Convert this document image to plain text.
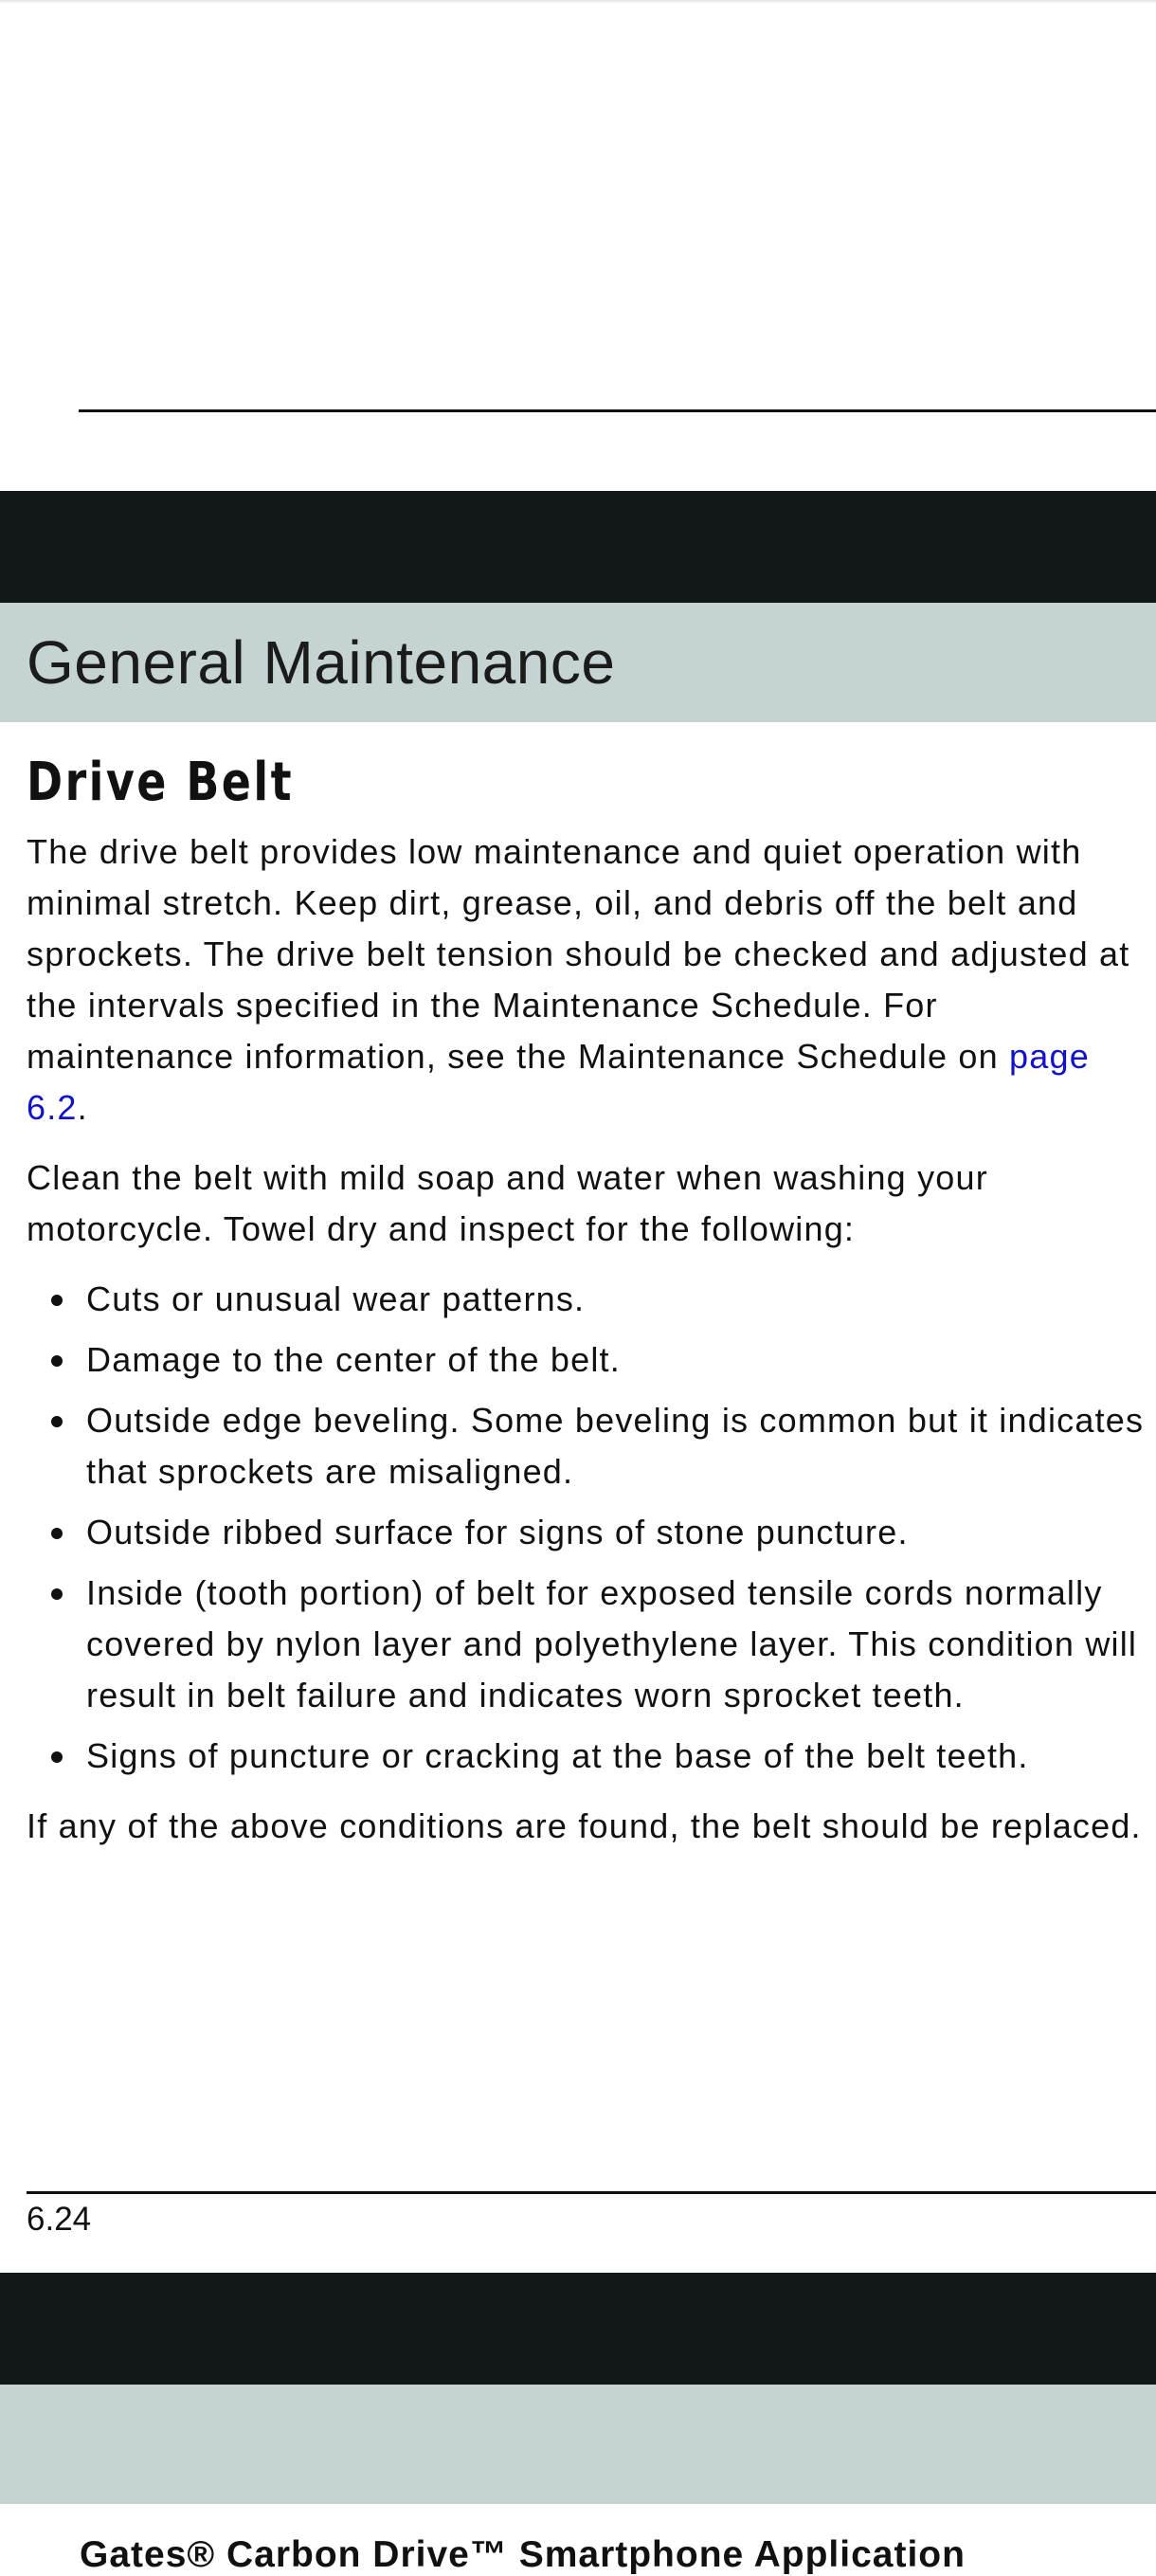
General Maintenance
Drive Belt

The drive belt provides low maintenance and quiet operation with minimal stretch. Keep dirt, grease, oil, and debris off the belt and sprockets. The drive belt tension should be checked and adjusted at the intervals specified in the Maintenance Schedule. For maintenance information, see the Maintenance Schedule on page 6.2.

Clean the belt with mild soap and water when washing your motorcycle. Towel dry and inspect for the following:

Cuts or unusual wear patterns.
Damage to the center of the belt.
Outside edge beveling. Some beveling is common but it indicates that sprockets are misaligned.
Outside ribbed surface for signs of stone puncture.
Inside (tooth portion) of belt for exposed tensile cords normally covered by nylon layer and polyethylene layer. This condition will result in belt failure and indicates worn sprocket teeth.
Signs of puncture or cracking at the base of the belt teeth.

If any of the above conditions are found, the belt should be replaced.

6.24
Gates® Carbon Drive™ Smartphone Application
